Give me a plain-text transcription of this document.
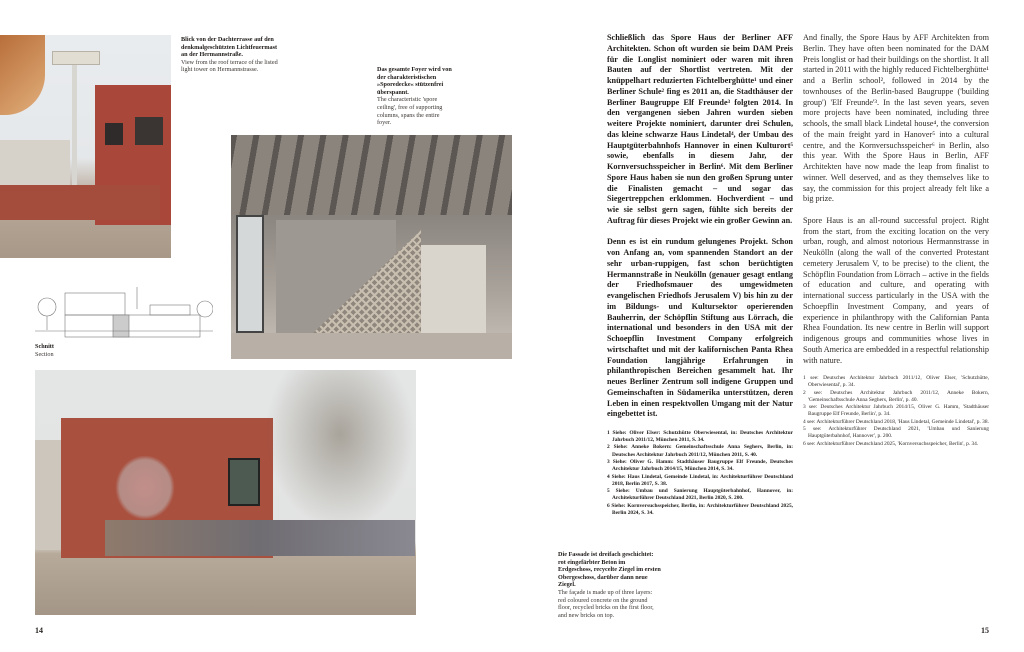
Blick von der Dachterrasse auf den denkmalgeschützten Lichtfeuermast an der Hermannstraße.
View from the roof terrace of the listed light tower on Hermannstrasse.	Das gesamte Foyer wird von der charakteristischen »Sporedecke« stützenfrei überspannt.
The characteristic 'spore ceiling', free of supporting columns, spans the entire foyer.
Schnitt
Section
Die Fassade ist dreifach geschichtet: rot eingefärbter Beton im Erdgeschoss, recycelte Ziegel im ersten Obergeschoss, darüber dann neue Ziegel.
The façade is made up of three layers: red coloured concrete on the ground floor, recycled bricks on the first floor, and new bricks on top.

Schließlich das Spore Haus der Berliner AFF Architekten. Schon oft wurden sie beim DAM Preis für die Longlist nominiert oder waren mit ihren Bauten auf der Shortlist vertreten. Mit der knüppelhart reduzierten Fichtelberghütte¹ und einer Berliner Schule² fing es 2011 an, die Stadthäuser der Berliner Baugruppe Elf Freunde³ folgten 2014. In den vergangenen sieben Jahren wurden sieben weitere Projekte nominiert, darunter drei Schulen, das kleine schwarze Haus Lindetal⁴, der Umbau des Hauptgüterbahnhofs Hannover in einen Kulturort⁵ sowie, ebenfalls in diesem Jahr, der Kornversuchsspeicher in Berlin⁶. Mit dem Berliner Spore Haus haben sie nun den großen Sprung unter die Finalisten gemacht – und sogar das Siegertreppchen erklommen. Hochverdient – und wie sie selbst gern sagen, fühlte sich bereits der Auftrag für dieses Projekt wie ein großer Gewinn an.

Denn es ist ein rundum gelungenes Projekt. Schon von Anfang an, vom spannenden Standort an der sehr urban-ruppigen, fast schon berüchtigten Hermannstraße in Neukölln (genauer gesagt entlang der Friedhofsmauer des umgewidmeten evangelischen Friedhofs Jerusalem V) bis hin zu der im Bildungs- und Kultursektor operierenden Bauherrin, der Schöpflin Stiftung aus Lörrach, die international und besonders in den USA mit der Schoepflin Investment Company erfolgreich wirtschaftet und mit der kalifornischen Panta Rhea Foundation langjährige Erfahrungen in philanthropischen Bereichen gesammelt hat. Ihr neues Berliner Zentrum soll indigene Gruppen und Gemeinschaften in Südamerika unterstützen, deren Leben in einen respektvollen Umgang mit der Natur eingebettet ist.

1 Siehe: Oliver Elser: Schutzhütte Oberwiesental, in: Deutsches Architektur Jahrbuch 2011/12, München 2011, S. 34.
2 Siehe: Anneke Bokern: Gemeinschaftsschule Anna Seghers, Berlin, in: Deutsches Architektur Jahrbuch 2011/12, München 2011, S. 40.
3 Siehe: Oliver G. Hamm: Stadthäuser Baugruppe Elf Freunde, Deutsches Architektur Jahrbuch 2014/15, München 2014, S. 34.
4 Siehe: Haus Lindetal, Gemeinde Lindetal, in: Architekturführer Deutschland 2018, Berlin 2017, S. 38.
5 Siehe: Umbau und Sanierung Hauptgüterbahnhof, Hannover, in: Architekturführer Deutschland 2021, Berlin 2020, S. 200.
6 Siehe: Kornversuchsspeicher, Berlin, in: Architekturführer Deutschland 2025, Berlin 2024, S. 34.

And finally, the Spore Haus by AFF Architekten from Berlin. They have often been nominated for the DAM Preis longlist or had their buildings on the shortlist. It all started in 2011 with the highly reduced Fichtelberghütte¹ and a Berlin school², followed in 2014 by the townhouses of the Berlin-based Baugruppe ('building group') 'Elf Freunde'³. In the last seven years, seven more projects have been nominated, including three schools, the small black Lindetal house⁴, the conversion of the main freight yard in Hanover⁵ into a cultural centre, and the Kornversuchsspeicher⁶ in Berlin, also this year. With the Spore Haus in Berlin, AFF Architekten have now made the leap from finalist to winner. Well deserved, and as they themselves like to say, the commission for this project already felt like a big prize.

Spore Haus is an all-round successful project. Right from the start, from the exciting location on the very urban, rough, and almost notorious Hermannstrasse in Neukölln (along the wall of the converted Protestant cemetery Jerusalem V, to be precise) to the client, the Schöpflin Foundation from Lörrach – active in the fields of education and culture, and operating with international success particularly in the USA with the Schoepflin Investment Company, and years of experience in philanthropy with the Californian Panta Rhea Foundation. Its new centre in Berlin will support indigenous groups and communities whose lives in South America are embedded in a respectful relationship with nature.

1 see: Deutsches Architektur Jahrbuch 2011/12, Oliver Elser, 'Schutzhütte, Oberwiesental', p. 34.
2 see: Deutsches Architektur Jahrbuch 2011/12, Anneke Bokern, 'Gemeinschaftsschule Anna Seghers, Berlin', p. 40.
3 see: Deutsches Architektur Jahrbuch 2014/15, Oliver G. Hamm, 'Stadthäuser Baugruppe Elf Freunde, Berlin', p. 34.
4 see: Architekturführer Deutschland 2018, 'Haus Lindetal, Gemeinde Lindetal', p. 38.
5 see: Architekturführer Deutschland 2021, 'Umbau und Sanierung Hauptgüterbahnhof, Hannover', p. 200.
6 see: Architekturführer Deutschland 2025, 'Kornversuchsspeicher, Berlin', p. 34.
14	15
